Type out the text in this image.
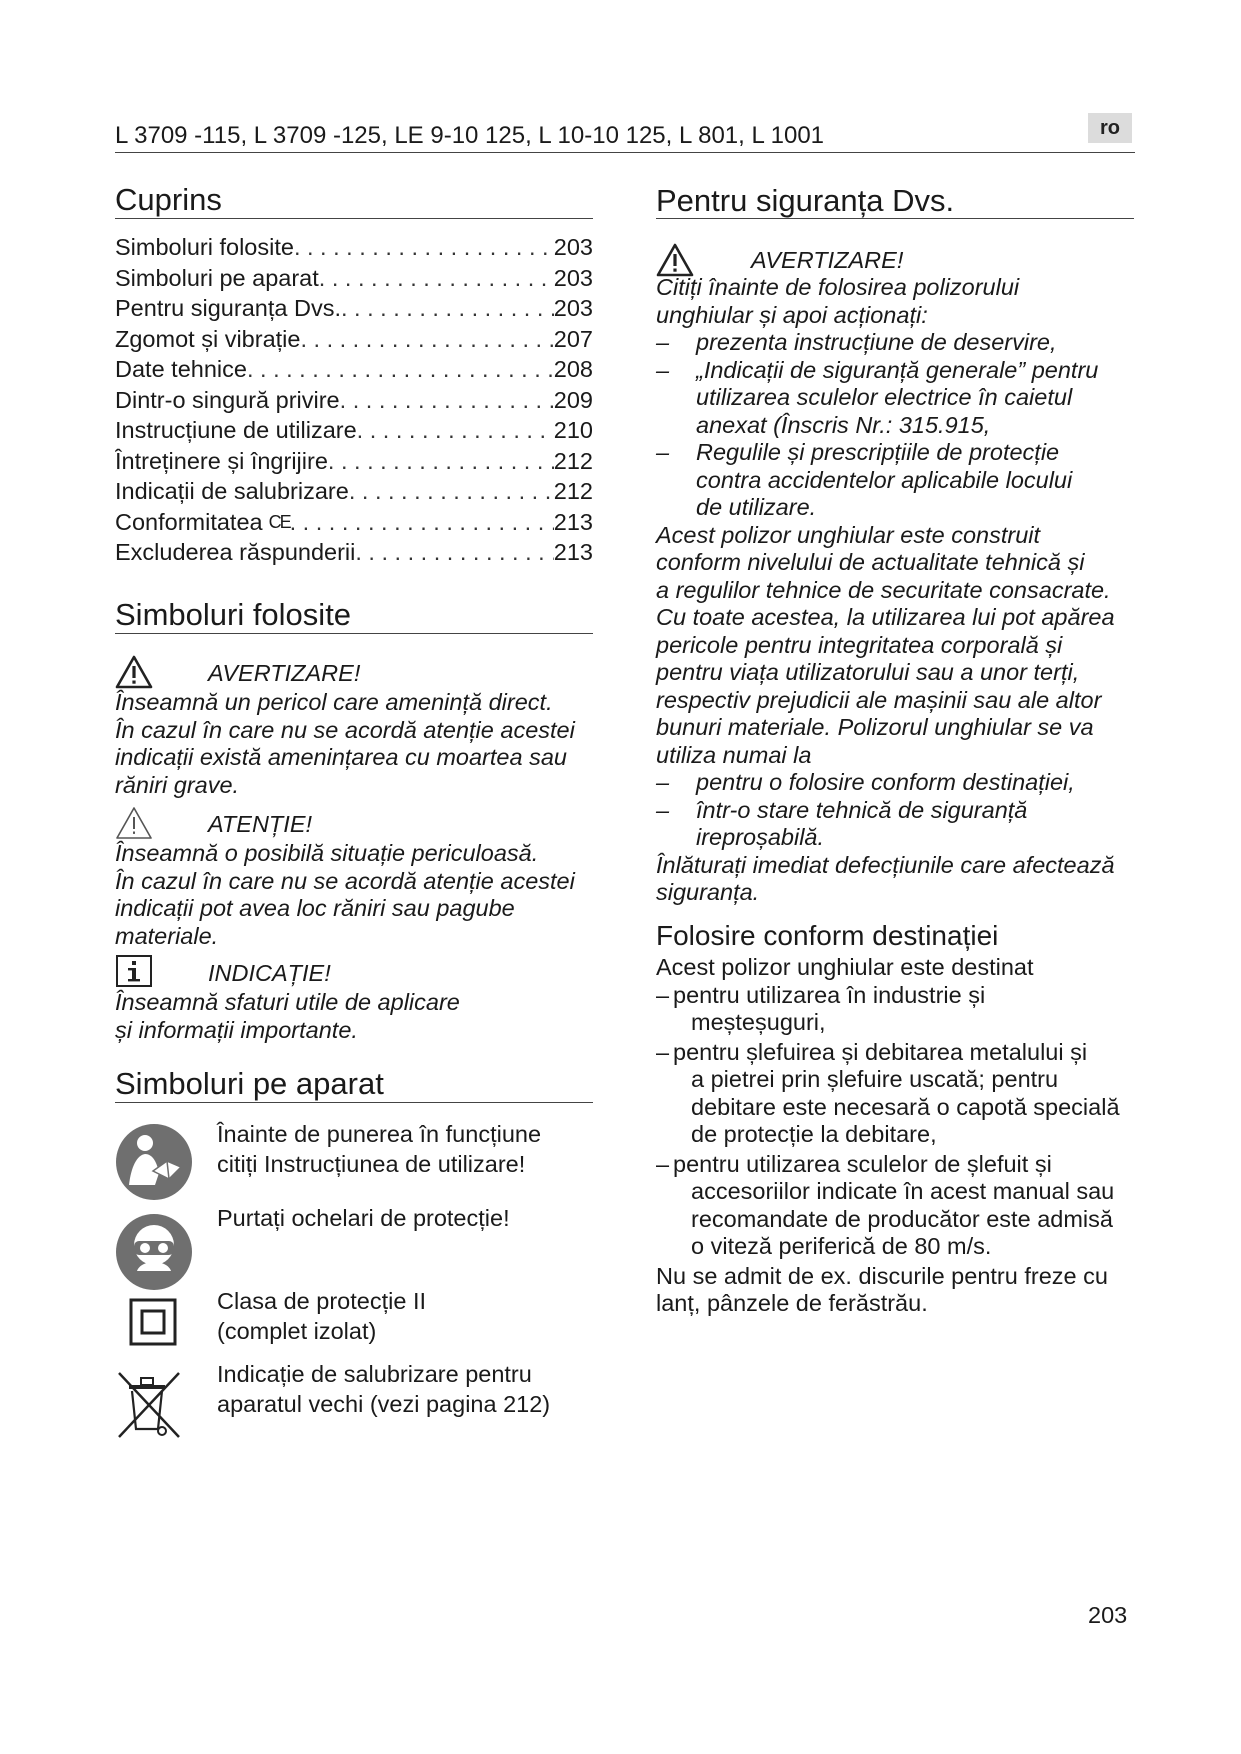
L 3709 -115, L 3709 -125, LE 9-10 125, L 10-10 125, L 801, L 1001	ro
Cuprins
Simboluri folosite . . .	203
Simboluri pe aparat . . .	203
Pentru siguranța Dvs. . . .	203
Zgomot și vibrație . . .	207
Date tehnice . . .	208
Dintr-o singură privire . . .	209
Instrucțiune de utilizare . . .	210
Întreținere și îngrijire . . .	212
Indicații de salubrizare . . .	212
Conformitatea CE . . .	213
Excluderea răspunderii . . .	213
Simboluri folosite
AVERTIZARE!
Înseamnă un pericol care amenință direct.
În cazul în care nu se acordă atenție acestei
indicații există amenințarea cu moartea sau
răniri grave.
ATENȚIE!
Înseamnă o posibilă situație periculoasă.
În cazul în care nu se acordă atenție acestei
indicații pot avea loc răniri sau pagube
materiale.
INDICAȚIE!
Înseamnă sfaturi utile de aplicare
și informații importante.
Simboluri pe aparat
Înainte de punerea în funcțiune
citiți Instrucțiunea de utilizare!
Purtați ochelari de protecție!
Clasa de protecție II
(complet izolat)
Indicație de salubrizare pentru
aparatul vechi (vezi pagina 212)
Pentru siguranța Dvs.
AVERTIZARE!
Citiți înainte de folosirea polizorului
unghiular și apoi acționați:
–	prezenta instrucțiune de deservire,
–	„Indicații de siguranță generale” pentru
utilizarea sculelor electrice în caietul
anexat (Înscris Nr.: 315.915,
–	Regulile și prescripțiile de protecție
contra accidentelor aplicabile locului
de utilizare.
Acest polizor unghiular este construit
conform nivelului de actualitate tehnică și
a regulilor tehnice de securitate consacrate.
Cu toate acestea, la utilizarea lui pot apărea
pericole pentru integritatea corporală și
pentru viața utilizatorului sau a unor terți,
respectiv prejudicii ale mașinii sau ale altor
bunuri materiale. Polizorul unghiular se va
utiliza numai la
–	pentru o folosire conform destinației,
–	într-o stare tehnică de siguranță
ireproșabilă.
Înlăturați imediat defecțiunile care afectează
siguranța.
Folosire conform destinației
Acest polizor unghiular este destinat
– pentru utilizarea în industrie și
meșteșuguri,
– pentru șlefuirea și debitarea metalului și
a pietrei prin șlefuire uscată; pentru
debitare este necesară o capotă specială
de protecție la debitare,
– pentru utilizarea sculelor de șlefuit și
accesoriilor indicate în acest manual sau
recomandate de producător este admisă
o viteză periferică de 80 m/s.
Nu se admit de ex. discurile pentru freze cu
lanț, pânzele de ferăstrău.
203
